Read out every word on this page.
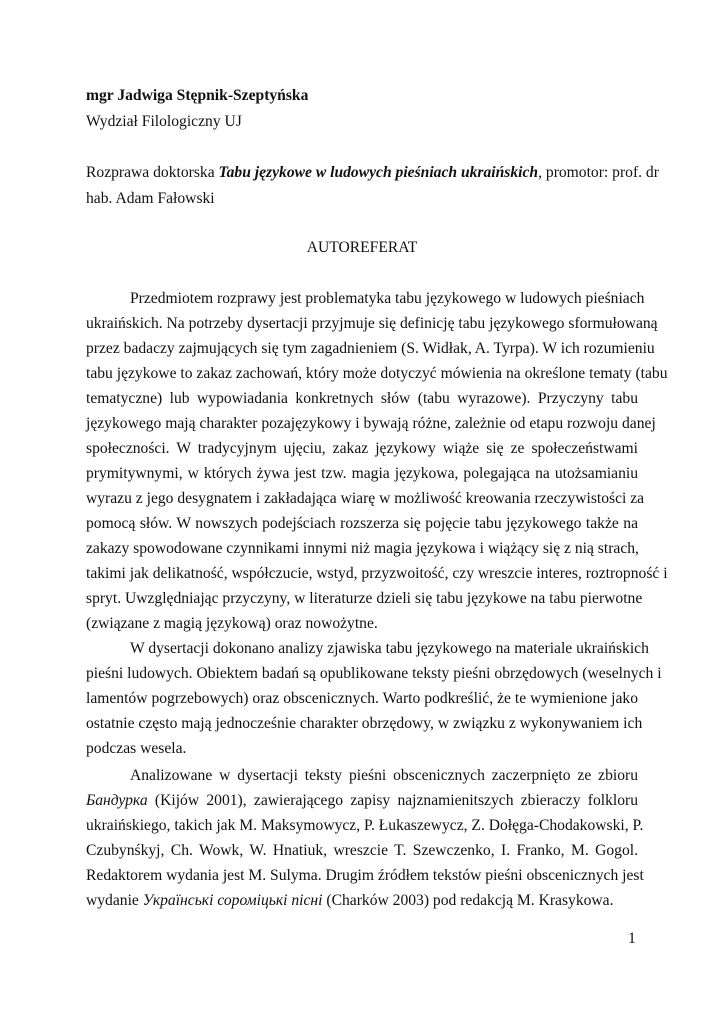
mgr Jadwiga Stępnik-Szeptyńska
Wydział Filologiczny UJ
Rozprawa doktorska Tabu językowe w ludowych pieśniach ukraińskich, promotor: prof. dr
hab. Adam Fałowski
AUTOREFERAT
Przedmiotem rozprawy jest problematyka tabu językowego w ludowych pieśniach
ukraińskich. Na potrzeby dysertacji przyjmuje się definicję tabu językowego sformułowaną
przez badaczy zajmujących się tym zagadnieniem (S. Widłak, A. Tyrpa). W ich rozumieniu
tabu językowe to zakaz zachowań, który może dotyczyć mówienia na określone tematy (tabu
tematyczne) lub wypowiadania konkretnych słów (tabu wyrazowe). Przyczyny tabu
językowego mają charakter pozajęzykowy i bywają różne, zależnie od etapu rozwoju danej
społeczności. W tradycyjnym ujęciu, zakaz językowy wiąże się ze społeczeństwami
prymitywnymi, w których żywa jest tzw. magia językowa, polegająca na utożsamianiu
wyrazu z jego desygnatem i zakładająca wiarę w możliwość kreowania rzeczywistości za
pomocą słów. W nowszych podejściach rozszerza się pojęcie tabu językowego także na
zakazy spowodowane czynnikami innymi niż magia językowa i wiążący się z nią strach,
takimi jak delikatność, współczucie, wstyd, przyzwoitość, czy wreszcie interes, roztropność i
spryt. Uwzględniając przyczyny, w literaturze dzieli się tabu językowe na tabu pierwotne
(związane z magią językową) oraz nowożytne.
W dysertacji dokonano analizy zjawiska tabu językowego na materiale ukraińskich
pieśni ludowych. Obiektem badań są opublikowane teksty pieśni obrzędowych (weselnych i
lamentów pogrzebowych) oraz obscenicznych. Warto podkreślić, że te wymienione jako
ostatnie często mają jednocześnie charakter obrzędowy, w związku z wykonywaniem ich
podczas wesela.
Analizowane w dysertacji teksty pieśni obscenicznych zaczerpnięto ze zbioru
Бандурка (Kijów 2001), zawierającego zapisy najznamienitszych zbieraczy folkloru
ukraińskiego, takich jak M. Maksymowycz, P. Łukaszewycz, Z. Dołęga-Chodakowski, P.
Czubynśkyj, Ch. Wowk, W. Hnatiuk, wreszcie T. Szewczenko, I. Franko, M. Gogol.
Redaktorem wydania jest M. Sulyma. Drugim źródłem tekstów pieśni obscenicznych jest
wydanie Українські сороміцькі пісні (Charków 2003) pod redakcją M. Krasykowa.
1
